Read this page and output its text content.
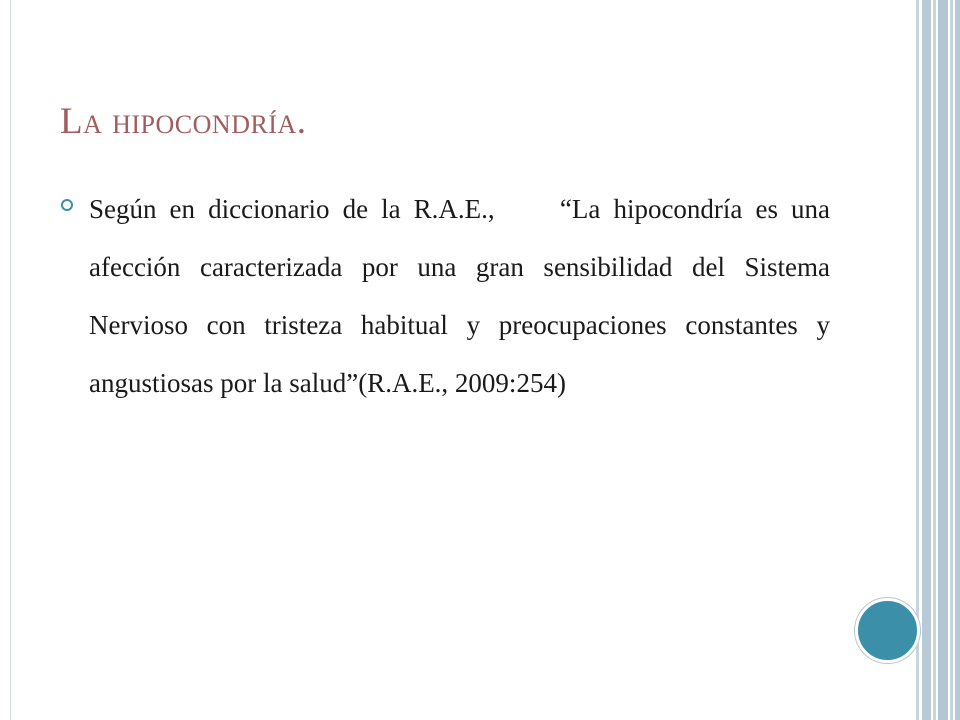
La hipocondría.
Según en diccionario de la R.A.E.,     “La hipocondría es una afección caracterizada por una gran sensibilidad del Sistema Nervioso con tristeza habitual y preocupaciones constantes y angustiosas por la salud”(R.A.E., 2009:254)
